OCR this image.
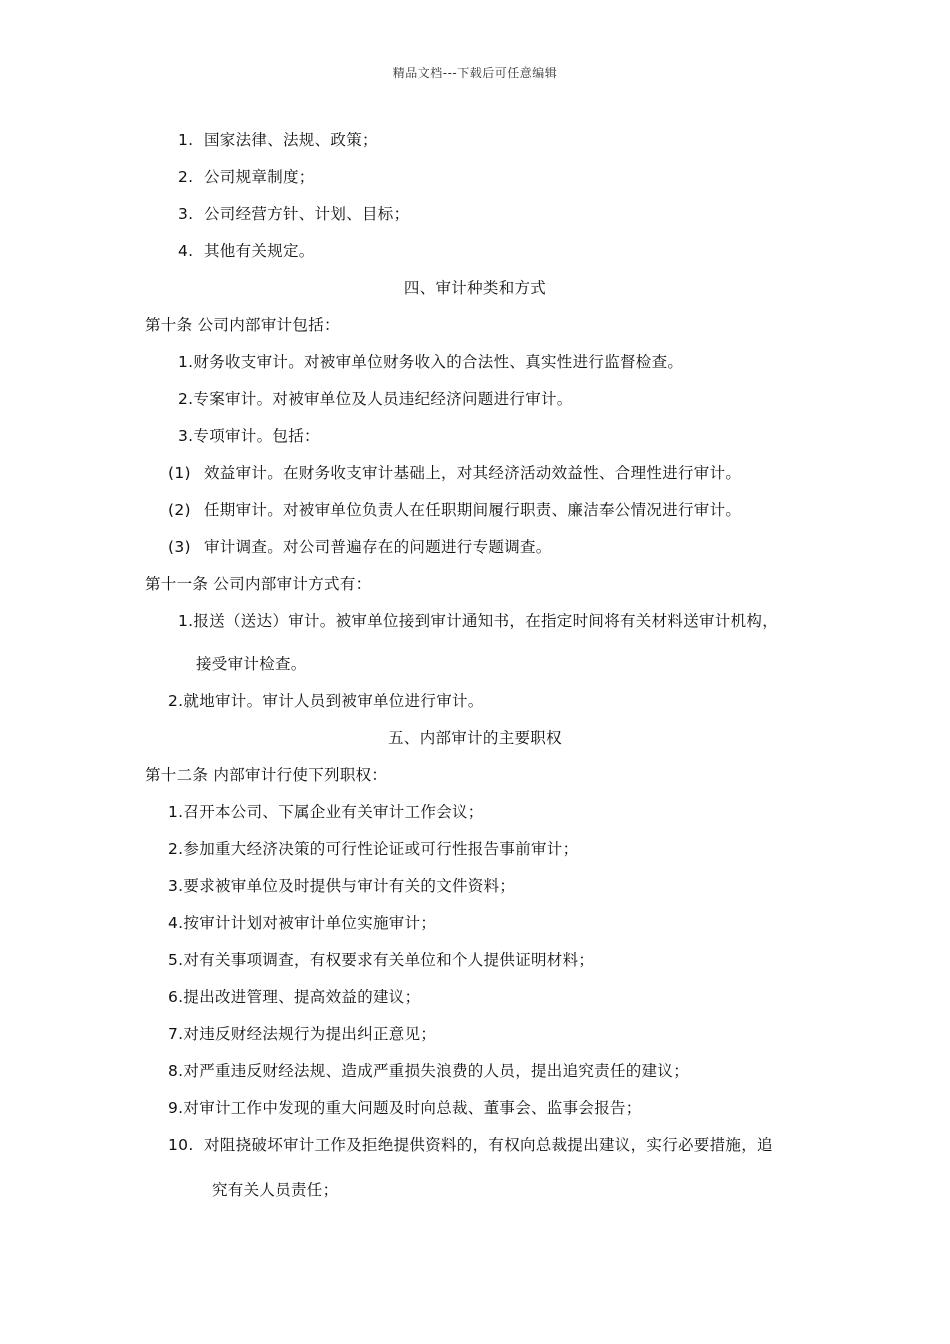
精品文档---下载后可任意编辑
1. 国家法律、法规、政策；
2. 公司规章制度；
3. 公司经营方针、计划、目标；
4. 其他有关规定。
四、审计种类和方式
第十条 公司内部审计包括：
1.财务收支审计。对被审单位财务收入的合法性、真实性进行监督检查。
2.专案审计。对被审单位及人员违纪经济问题进行审计。
3.专项审计。包括：
(1) 效益审计。在财务收支审计基础上，对其经济活动效益性、合理性进行审计。
(2) 任期审计。对被审单位负责人在任职期间履行职责、廉洁奉公情况进行审计。
(3) 审计调查。对公司普遍存在的问题进行专题调查。
第十一条 公司内部审计方式有：
1.报送（送达）审计。被审单位接到审计通知书，在指定时间将有关材料送审计机构，
接受审计检查。
2.就地审计。审计人员到被审单位进行审计。
五、内部审计的主要职权
第十二条 内部审计行使下列职权：
1.召开本公司、下属企业有关审计工作会议；
2.参加重大经济决策的可行性论证或可行性报告事前审计；
3.要求被审单位及时提供与审计有关的文件资料；
4.按审计计划对被审计单位实施审计；
5.对有关事项调查，有权要求有关单位和个人提供证明材料；
6.提出改进管理、提高效益的建议；
7.对违反财经法规行为提出纠正意见；
8.对严重违反财经法规、造成严重损失浪费的人员，提出追究责任的建议；
9.对审计工作中发现的重大问题及时向总裁、董事会、监事会报告；
10. 对阻挠破坏审计工作及拒绝提供资料的，有权向总裁提出建议，实行必要措施，追
究有关人员责任；
